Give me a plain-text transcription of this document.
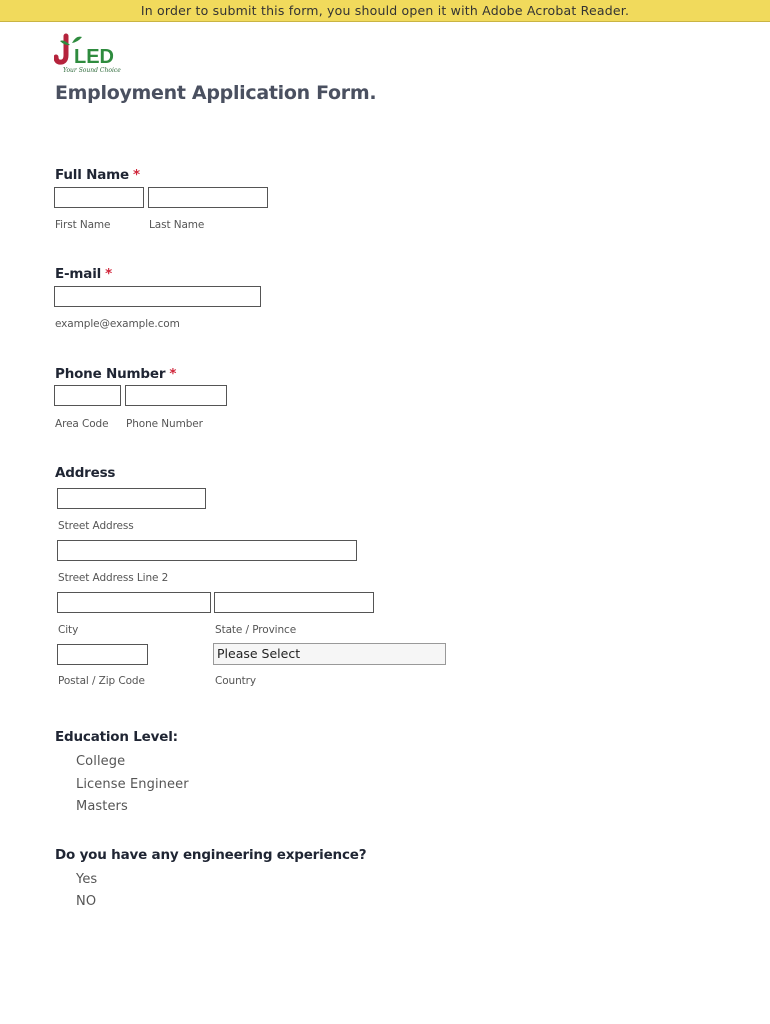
In order to submit this form, you should open it with Adobe Acrobat Reader.
LED
Your Sound Choice
Employment Application Form.
Full Name *
First Name	Last Name
E-mail *
example@example.com
Phone Number *
Area Code Phone Number
Address
Street Address
Street Address Line 2
City	State / Province
Please Select
Postal / Zip Code	Country
Education Level:
College
License Engineer
Masters
Do you have any engineering experience?
Yes
NO
